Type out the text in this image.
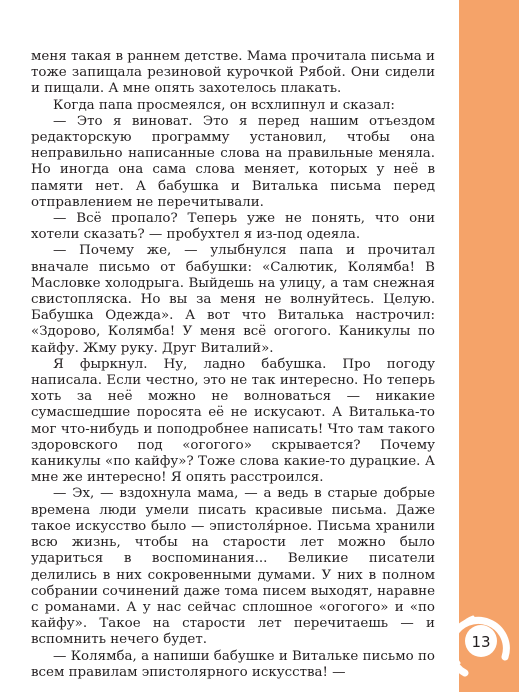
меня такая в раннем детстве. Мама прочитала письма и тоже запищала резиновой курочкой Рябой. Они сидели и пищали. А мне опять захотелось плакать.

Когда папа просмеялся, он всхлипнул и сказал:

— Это я виноват. Это я перед нашим отъездом редакторскую программу установил, чтобы она неправильно написанные слова на правильные меняла. Но иногда она сама слова меняет, которых у неё в памяти нет. А бабушка и Виталька письма перед отправлением не перечитывали.

— Всё пропало? Теперь уже не понять, что они хотели сказать? — пробухтел я из-под одеяла.

— Почему же, — улыбнулся папа и прочитал вначале письмо от бабушки: «Салютик, Колямба! В Масловке холодрыга. Выйдешь на улицу, а там снежная свистопляска. Но вы за меня не волнуйтесь. Целую. Бабушка Одежда». А вот что Виталька настрочил: «Здорово, Колямба! У меня всё огогого. Каникулы по кайфу. Жму руку. Друг Виталий».

Я фыркнул. Ну, ладно бабушка. Про погоду написала. Если честно, это не так интересно. Но теперь хоть за неё можно не волноваться — никакие сумасшедшие поросята её не искусают. А Виталька-то мог что-нибудь и поподробнее написать! Что там такого здоровского под «огогого» скрывается? Почему каникулы «по кайфу»? Тоже слова какие-то дурацкие. А мне же интересно! Я опять расстроился.

— Эх, — вздохнула мама, — а ведь в старые добрые времена люди умели писать красивые письма. Даже такое искусство было — эпистоля́рное. Письма хранили всю жизнь, чтобы на старости лет можно было удариться в воспоминания... Великие писатели делились в них сокровенными думами. У них в полном собрании сочинений даже тома писем выходят, наравне с романами. А у нас сейчас сплошное «огогого» и «по кайфу». Такое на старости лет перечитаешь — и вспомнить нечего будет.

— Колямба, а напиши бабушке и Витальке письмо по всем правилам эпистолярного искусства! —

13
